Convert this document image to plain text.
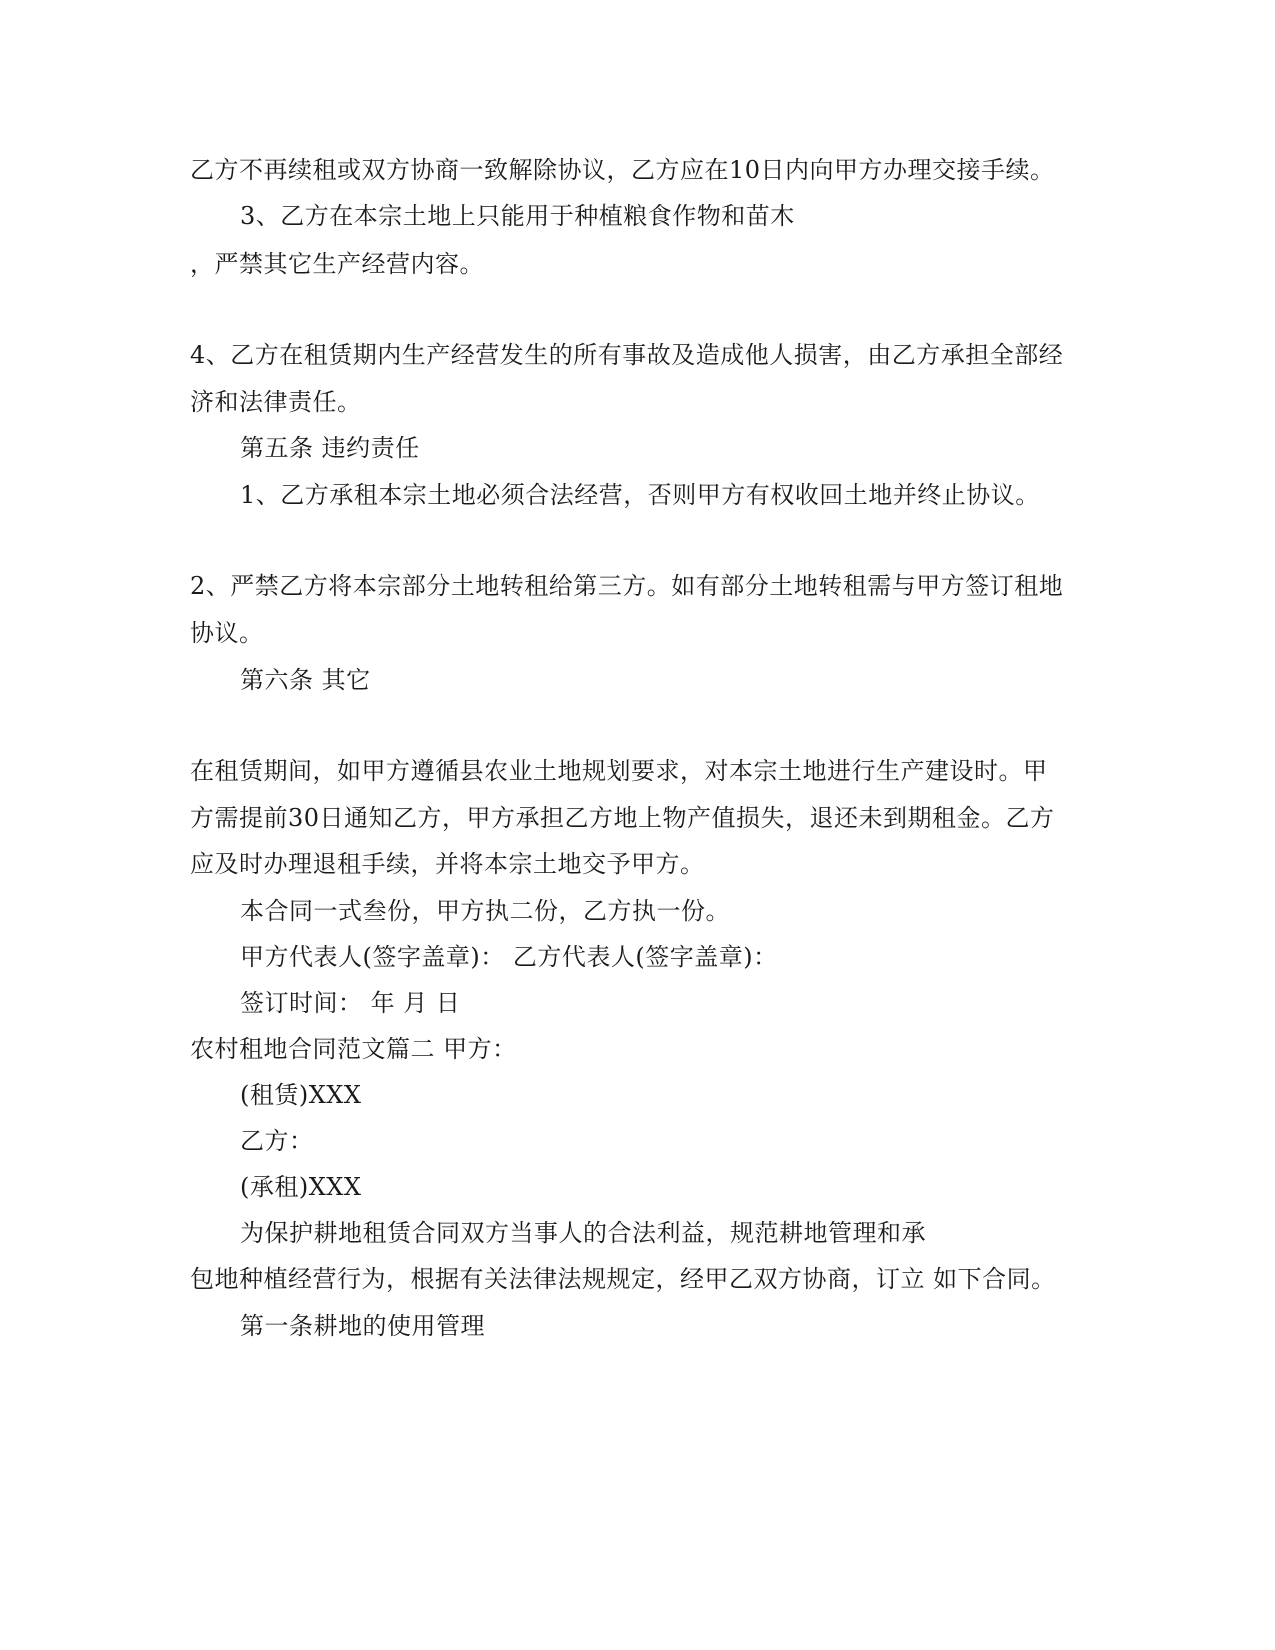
乙方不再续租或双方协商一致解除协议，乙方应在10日内向甲方办理交接手续。
3、乙方在本宗土地上只能用于种植粮食作物和苗木
，严禁其它生产经营内容。
4、乙方在租赁期内生产经营发生的所有事故及造成他人损害，由乙方承担全部经
济和法律责任。
第五条 违约责任
1、乙方承租本宗土地必须合法经营，否则甲方有权收回土地并终止协议。
2、严禁乙方将本宗部分土地转租给第三方。如有部分土地转租需与甲方签订租地
协议。
第六条 其它
在租赁期间，如甲方遵循县农业土地规划要求，对本宗土地进行生产建设时。甲
方需提前30日通知乙方，甲方承担乙方地上物产值损失，退还未到期租金。乙方
应及时办理退租手续，并将本宗土地交予甲方。
本合同一式叁份，甲方执二份，乙方执一份。
甲方代表人(签字盖章)： 乙方代表人(签字盖章)：
签订时间： 年 月 日
农村租地合同范文篇二 甲方：
(租赁)XXX
乙方：
(承租)XXX
为保护耕地租赁合同双方当事人的合法利益，规范耕地管理和承
包地种植经营行为，根据有关法律法规规定，经甲乙双方协商，订立 如下合同。
第一条耕地的使用管理
